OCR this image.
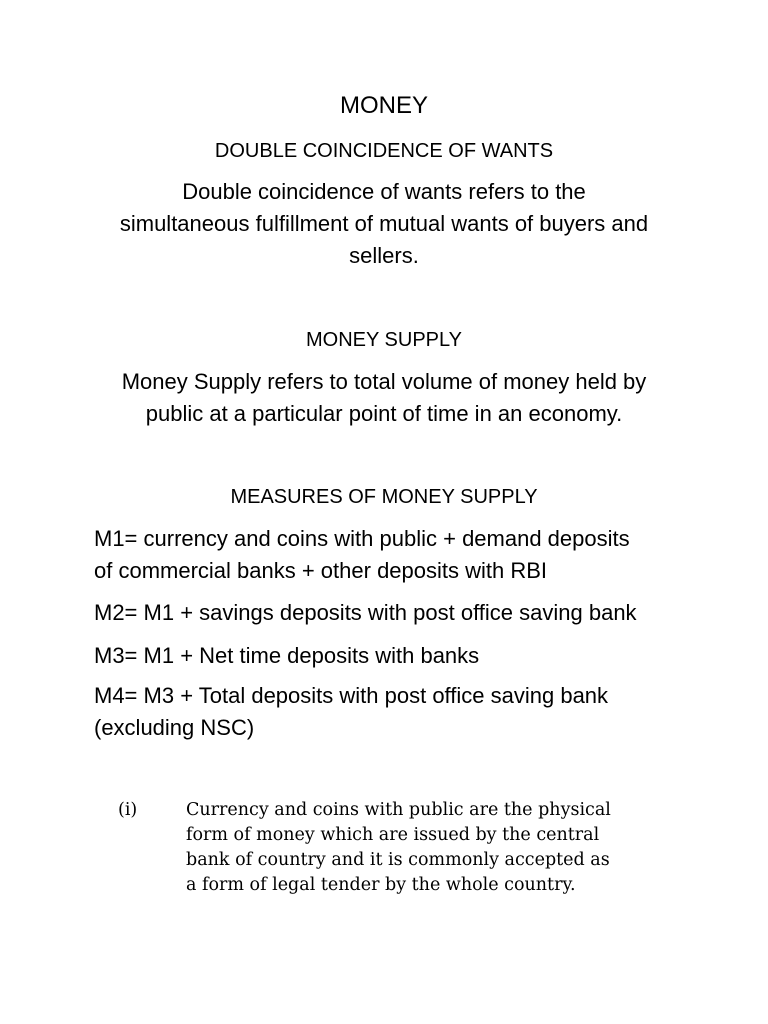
MONEY
DOUBLE COINCIDENCE OF WANTS

Double coincidence of wants refers to the
simultaneous fulfillment of mutual wants of buyers and
sellers.

MONEY SUPPLY

Money Supply refers to total volume of money held by
public at a particular point of time in an economy.

MEASURES OF MONEY SUPPLY

M1= currency and coins with public + demand deposits
of commercial banks + other deposits with RBI

M2= M1 + savings deposits with post office saving bank

M3= M1 + Net time deposits with banks

M4= M3 + Total deposits with post office saving bank
(excluding NSC)

(i)	Currency and coins with public are the physical
form of money which are issued by the central
bank of country and it is commonly accepted as
a form of legal tender by the whole country.
